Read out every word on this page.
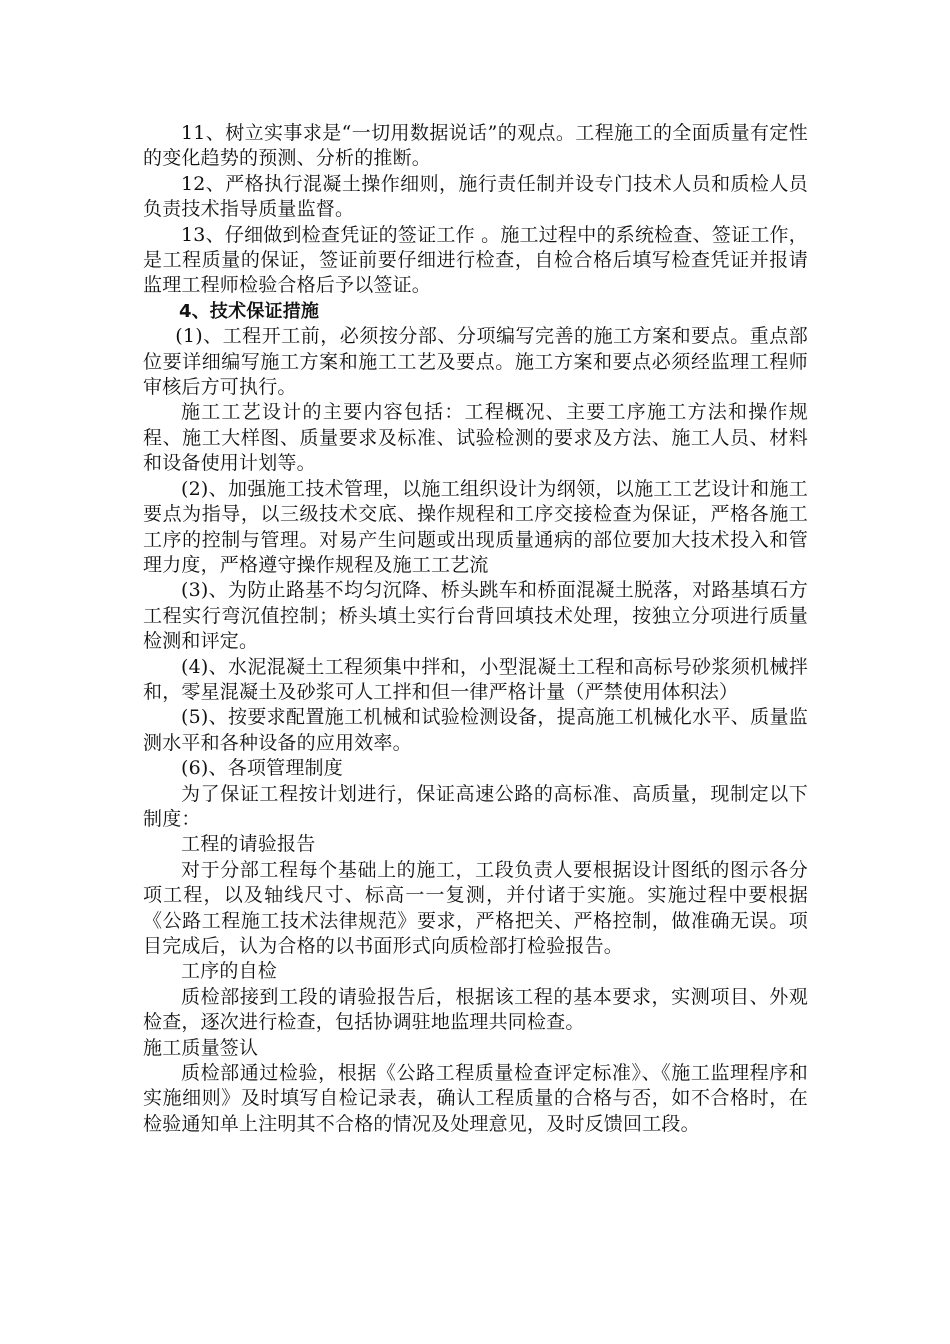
11、树立实事求是“一切用数据说话”的观点。工程施工的全面质量有定性的变化趋势的预测、分析的推断。

12、严格执行混凝土操作细则，施行责任制并设专门技术人员和质检人员负责技术指导质量监督。

13、仔细做到检查凭证的签证工作 。施工过程中的系统检查、签证工作，是工程质量的保证，签证前要仔细进行检查，自检合格后填写检查凭证并报请监理工程师检验合格后予以签证。

4、技术保证措施

(1)、工程开工前，必须按分部、分项编写完善的施工方案和要点。重点部位要详细编写施工方案和施工工艺及要点。施工方案和要点必须经监理工程师审核后方可执行。

施工工艺设计的主要内容包括：工程概况、主要工序施工方法和操作规程、施工大样图、质量要求及标准、试验检测的要求及方法、施工人员、材料和设备使用计划等。

(2)、加强施工技术管理，以施工组织设计为纲领，以施工工艺设计和施工要点为指导，以三级技术交底、操作规程和工序交接检查为保证，严格各施工工序的控制与管理。对易产生问题或出现质量通病的部位要加大技术投入和管理力度，严格遵守操作规程及施工工艺流

(3)、为防止路基不均匀沉降、桥头跳车和桥面混凝土脱落，对路基填石方工程实行弯沉值控制；桥头填土实行台背回填技术处理，按独立分项进行质量检测和评定。

(4)、水泥混凝土工程须集中拌和，小型混凝土工程和高标号砂浆须机械拌和，零星混凝土及砂浆可人工拌和但一律严格计量（严禁使用体积法）

(5)、按要求配置施工机械和试验检测设备，提高施工机械化水平、质量监测水平和各种设备的应用效率。

(6)、各项管理制度

为了保证工程按计划进行，保证高速公路的高标准、高质量，现制定以下制度：

工程的请验报告

对于分部工程每个基础上的施工，工段负责人要根据设计图纸的图示各分项工程，以及轴线尺寸、标高一一复测，并付诸于实施。实施过程中要根据《公路工程施工技术法律规范》要求，严格把关、严格控制，做准确无误。项目完成后，认为合格的以书面形式向质检部打检验报告。

工序的自检

质检部接到工段的请验报告后，根据该工程的基本要求，实测项目、外观检查，逐次进行检查，包括协调驻地监理共同检查。

施工质量签认

质检部通过检验，根据《公路工程质量检查评定标准》、《施工监理程序和实施细则》及时填写自检记录表，确认工程质量的合格与否，如不合格时，在检验通知单上注明其不合格的情况及处理意见，及时反馈回工段。
